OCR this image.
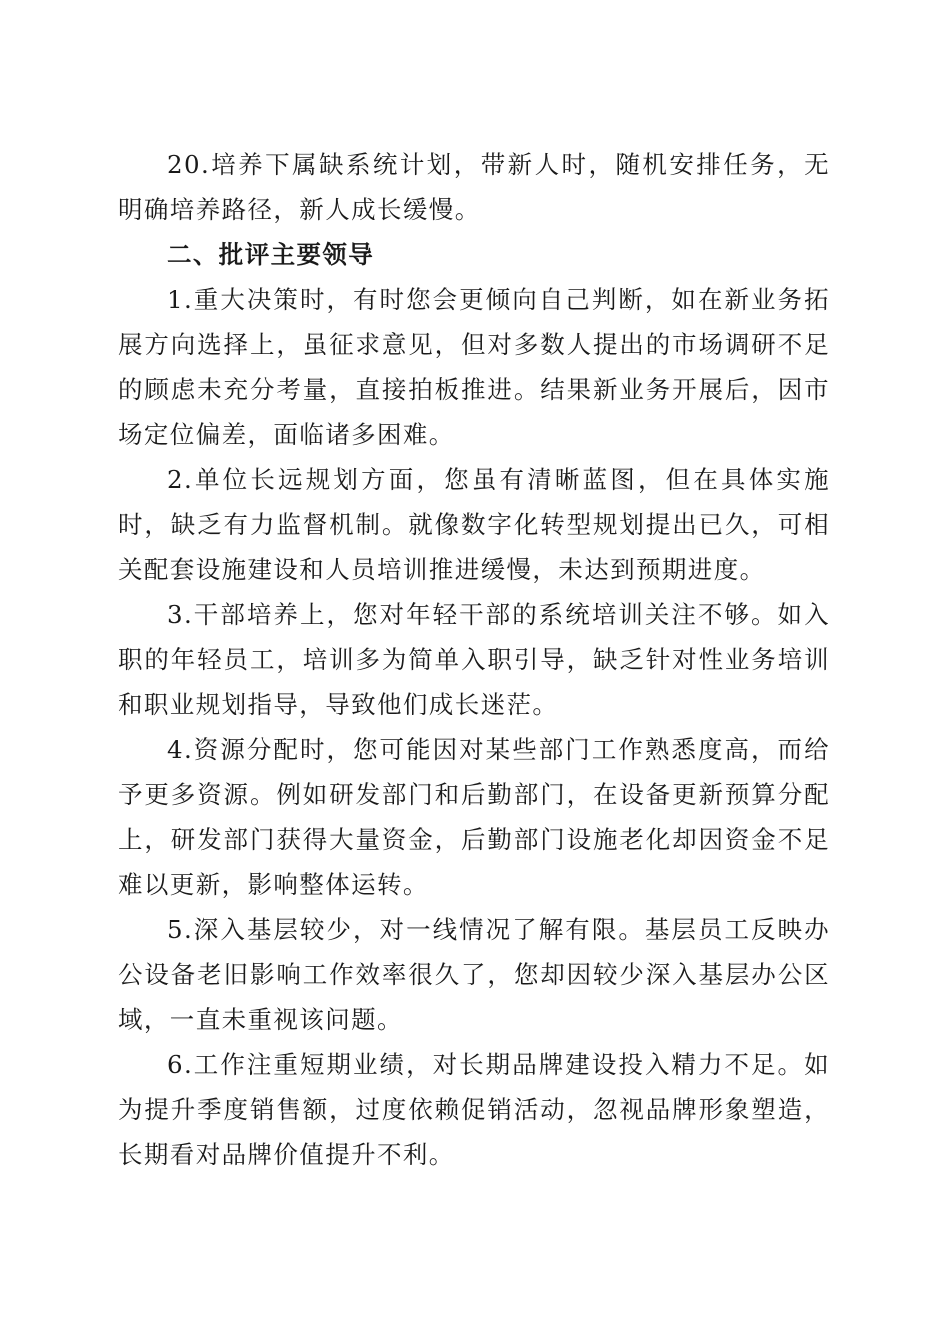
20.培养下属缺系统计划，带新人时，随机安排任务，无明确培养路径，新人成长缓慢。

二、批评主要领导

1.重大决策时，有时您会更倾向自己判断，如在新业务拓展方向选择上，虽征求意见，但对多数人提出的市场调研不足的顾虑未充分考量，直接拍板推进。结果新业务开展后，因市场定位偏差，面临诸多困难。

2.单位长远规划方面，您虽有清晰蓝图，但在具体实施时，缺乏有力监督机制。就像数字化转型规划提出已久，可相关配套设施建设和人员培训推进缓慢，未达到预期进度。

3.干部培养上，您对年轻干部的系统培训关注不够。如入职的年轻员工，培训多为简单入职引导，缺乏针对性业务培训和职业规划指导，导致他们成长迷茫。

4.资源分配时，您可能因对某些部门工作熟悉度高，而给予更多资源。例如研发部门和后勤部门，在设备更新预算分配上，研发部门获得大量资金，后勤部门设施老化却因资金不足难以更新，影响整体运转。

5.深入基层较少，对一线情况了解有限。基层员工反映办公设备老旧影响工作效率很久了，您却因较少深入基层办公区域，一直未重视该问题。

6.工作注重短期业绩，对长期品牌建设投入精力不足。如为提升季度销售额，过度依赖促销活动，忽视品牌形象塑造，长期看对品牌价值提升不利。
